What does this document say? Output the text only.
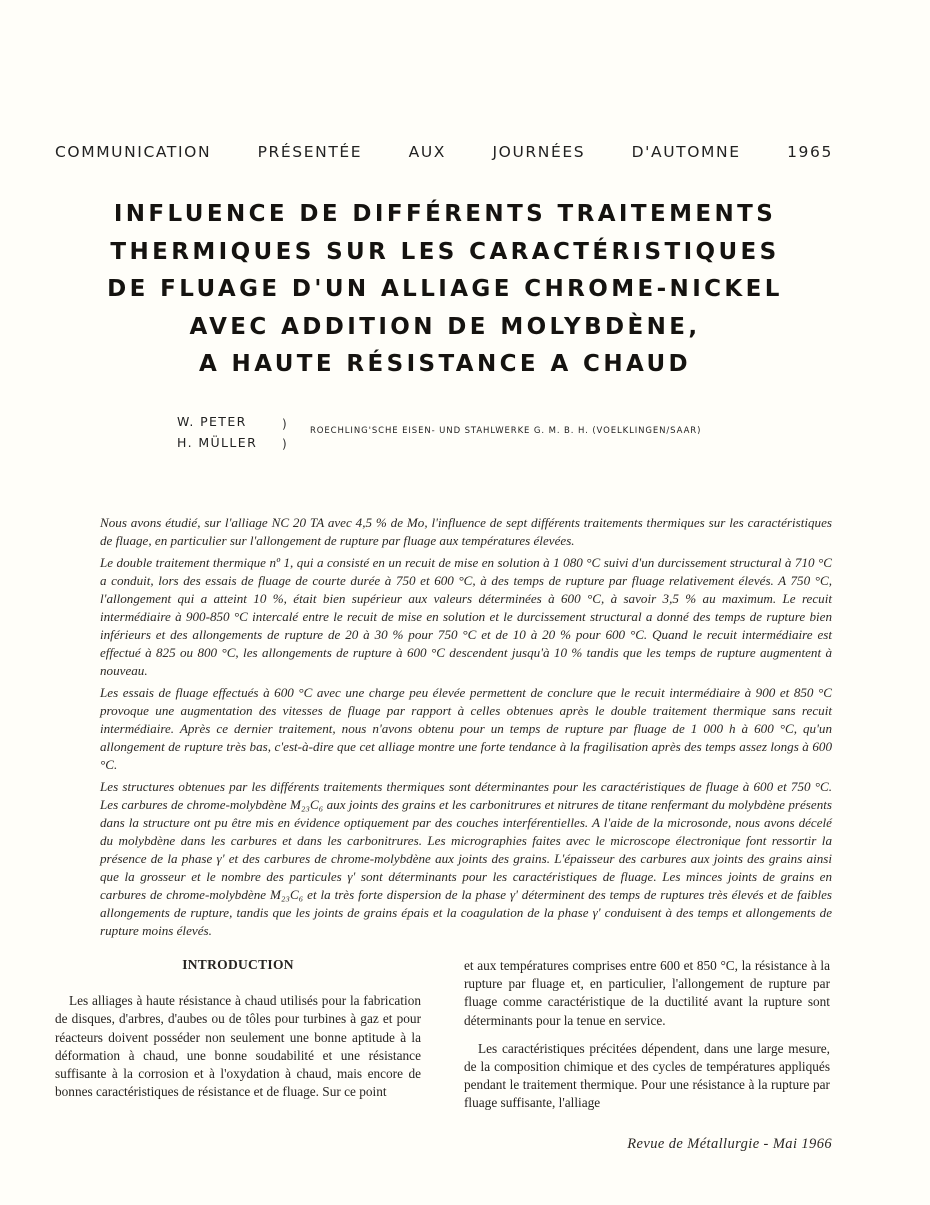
COMMUNICATION	PRÉSENTÉE	AUX	JOURNÉES	D'AUTOMNE	1965
INFLUENCE DE DIFFÉRENTS TRAITEMENTS
THERMIQUES SUR LES CARACTÉRISTIQUES
DE FLUAGE D'UN ALLIAGE CHROME-NICKEL
AVEC ADDITION DE MOLYBDÈNE,
A HAUTE RÉSISTANCE A CHAUD
W. PETER
H. MÜLLER
)
)
ROECHLING'SCHE EISEN- UND STAHLWERKE G. M. B. H. (VOELKLINGEN/SAAR)

Nous avons étudié, sur l'alliage NC 20 TA avec 4,5 % de Mo, l'influence de sept différents traitements thermiques sur les caractéristiques de fluage, en particulier sur l'allongement de rupture par fluage aux températures élevées.

Le double traitement thermique nº 1, qui a consisté en un recuit de mise en solution à 1 080 °C suivi d'un durcissement structural à 710 °C a conduit, lors des essais de fluage de courte durée à 750 et 600 °C, à des temps de rupture par fluage relativement élevés. A 750 °C, l'allongement qui a atteint 10 %, était bien supérieur aux valeurs déterminées à 600 °C, à savoir 3,5 % au maximum. Le recuit intermédiaire à 900-850 °C intercalé entre le recuit de mise en solution et le durcissement structural a donné des temps de rupture bien inférieurs et des allongements de rupture de 20 à 30 % pour 750 °C et de 10 à 20 % pour 600 °C. Quand le recuit intermédiaire est effectué à 825 ou 800 °C, les allongements de rupture à 600 °C descendent jusqu'à 10 % tandis que les temps de rupture augmentent à nouveau.

Les essais de fluage effectués à 600 °C avec une charge peu élevée permettent de conclure que le recuit intermédiaire à 900 et 850 °C provoque une augmentation des vitesses de fluage par rapport à celles obtenues après le double traitement thermique sans recuit intermédiaire. Après ce dernier traitement, nous n'avons obtenu pour un temps de rupture par fluage de 1 000 h à 600 °C, qu'un allongement de rupture très bas, c'est-à-dire que cet alliage montre une forte tendance à la fragilisation après des temps assez longs à 600 °C.

Les structures obtenues par les différents traitements thermiques sont déterminantes pour les caractéristiques de fluage à 600 et 750 °C. Les carbures de chrome-molybdène M₂₃C₆ aux joints des grains et les carbonitrures et nitrures de titane renfermant du molybdène présents dans la structure ont pu être mis en évidence optiquement par des couches interférentielles. A l'aide de la microsonde, nous avons décelé du molybdène dans les carbures et dans les carbonitrures. Les micrographies faites avec le microscope électronique font ressortir la présence de la phase γ' et des carbures de chrome-molybdène aux joints des grains. L'épaisseur des carbures aux joints des grains ainsi que la grosseur et le nombre des particules γ' sont déterminants pour les caractéristiques de fluage. Les minces joints de grains en carbures de chrome-molybdène M₂₃C₆ et la très forte dispersion de la phase γ' déterminent des temps de ruptures très élevés et de faibles allongements de rupture, tandis que les joints de grains épais et la coagulation de la phase γ' conduisent à des temps et allongements de rupture moins élevés.

INTRODUCTION

Les alliages à haute résistance à chaud utilisés pour la fabrication de disques, d'arbres, d'aubes ou de tôles pour turbines à gaz et pour réacteurs doivent posséder non seulement une bonne aptitude à la déformation à chaud, une bonne soudabilité et une résistance suffisante à la corrosion et à l'oxydation à chaud, mais encore de bonnes caractéristiques de résistance et de fluage. Sur ce point

et aux températures comprises entre 600 et 850 °C, la résistance à la rupture par fluage et, en particulier, l'allongement de rupture par fluage comme caractéristique de la ductilité avant la rupture sont déterminants pour la tenue en service.

Les caractéristiques précitées dépendent, dans une large mesure, de la composition chimique et des cycles de températures appliqués pendant le traitement thermique. Pour une résistance à la rupture par fluage suffisante, l'alliage

Revue de Métallurgie - Mai 1966
